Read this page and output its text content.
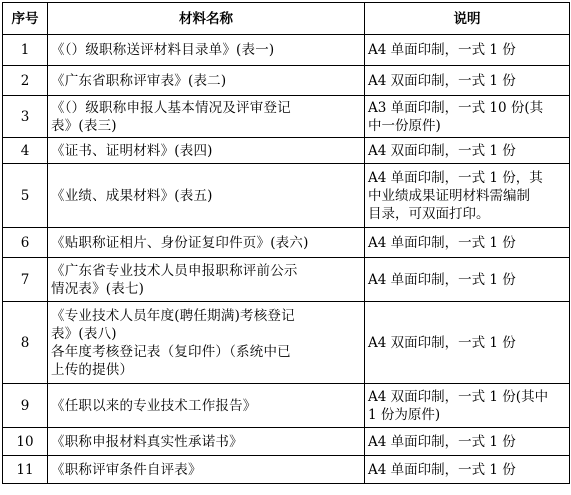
序号	材料名称	说明
1	《（）级职称送评材料目录单》(表一)	A4 单面印制，一式 1 份

2	《广东省职称评审表》(表二)	A4 双面印制，一式 1 份

3	《（）级职称申报人基本情况及评审登记
表》(表三)	A3 单面印制，一式 10 份(其
中一份原件)

4	《证书、证明材料》(表四)	A4 双面印制，一式 1 份

5	《业绩、成果材料》(表五)	A4 单面印制，一式 1 份，其
中业绩成果证明材料需编制
目录，可双面打印。

6	《贴职称证相片、身份证复印件页》(表六)	A4 单面印制，一式 1 份

7	《广东省专业技术人员申报职称评前公示
情况表》(表七)	A4 单面印制，一式 1 份

8	《专业技术人员年度(聘任期满)考核登记
表》(表八)
各年度考核登记表（复印件）（系统中已
上传的提供）	A4 双面印制，一式 1 份

9	《任职以来的专业技术工作报告》	A4 双面印制，一式 1 份(其中
1 份为原件)

10	《职称申报材料真实性承诺书》	A4 单面印制，一式 1 份

11	《职称评审条件自评表》	A4 单面印制，一式 1 份
